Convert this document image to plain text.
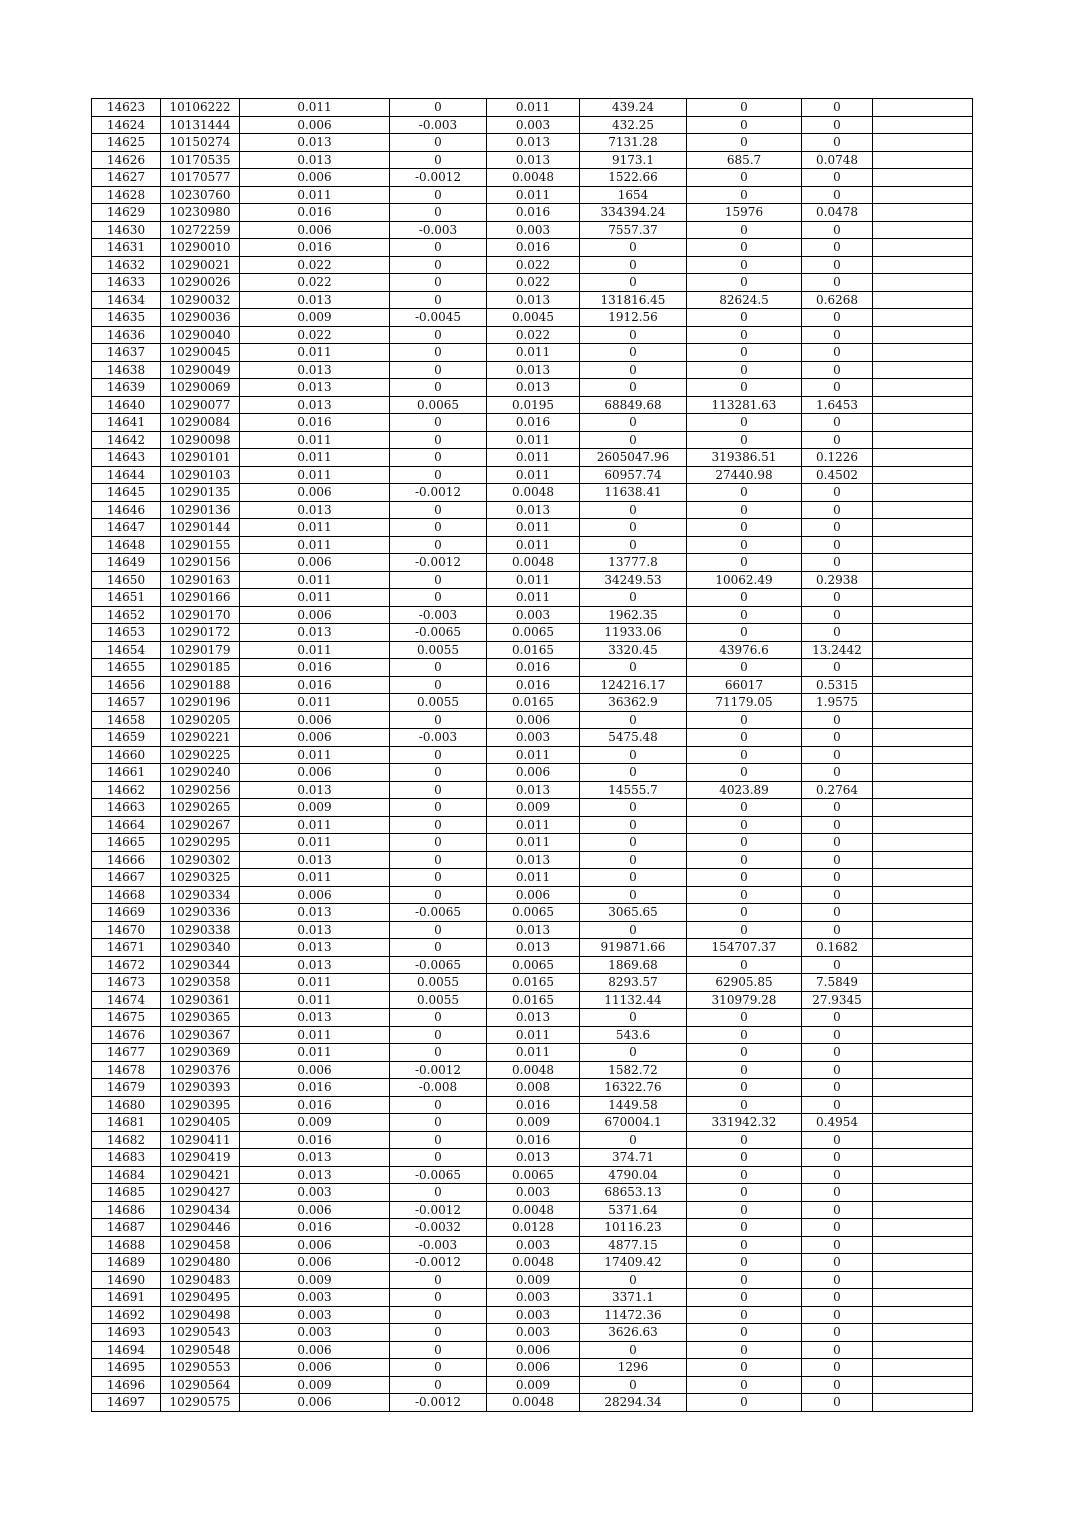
14623	10106222	0.011	0	0.011	439.24	0	0	
14624	10131444	0.006	-0.003	0.003	432.25	0	0	
14625	10150274	0.013	0	0.013	7131.28	0	0	
14626	10170535	0.013	0	0.013	9173.1	685.7	0.0748	
14627	10170577	0.006	-0.0012	0.0048	1522.66	0	0	
14628	10230760	0.011	0	0.011	1654	0	0	
14629	10230980	0.016	0	0.016	334394.24	15976	0.0478	
14630	10272259	0.006	-0.003	0.003	7557.37	0	0	
14631	10290010	0.016	0	0.016	0	0	0	
14632	10290021	0.022	0	0.022	0	0	0	
14633	10290026	0.022	0	0.022	0	0	0	
14634	10290032	0.013	0	0.013	131816.45	82624.5	0.6268	
14635	10290036	0.009	-0.0045	0.0045	1912.56	0	0	
14636	10290040	0.022	0	0.022	0	0	0	
14637	10290045	0.011	0	0.011	0	0	0	
14638	10290049	0.013	0	0.013	0	0	0	
14639	10290069	0.013	0	0.013	0	0	0	
14640	10290077	0.013	0.0065	0.0195	68849.68	113281.63	1.6453	
14641	10290084	0.016	0	0.016	0	0	0	
14642	10290098	0.011	0	0.011	0	0	0	
14643	10290101	0.011	0	0.011	2605047.96	319386.51	0.1226	
14644	10290103	0.011	0	0.011	60957.74	27440.98	0.4502	
14645	10290135	0.006	-0.0012	0.0048	11638.41	0	0	
14646	10290136	0.013	0	0.013	0	0	0	
14647	10290144	0.011	0	0.011	0	0	0	
14648	10290155	0.011	0	0.011	0	0	0	
14649	10290156	0.006	-0.0012	0.0048	13777.8	0	0	
14650	10290163	0.011	0	0.011	34249.53	10062.49	0.2938	
14651	10290166	0.011	0	0.011	0	0	0	
14652	10290170	0.006	-0.003	0.003	1962.35	0	0	
14653	10290172	0.013	-0.0065	0.0065	11933.06	0	0	
14654	10290179	0.011	0.0055	0.0165	3320.45	43976.6	13.2442	
14655	10290185	0.016	0	0.016	0	0	0	
14656	10290188	0.016	0	0.016	124216.17	66017	0.5315	
14657	10290196	0.011	0.0055	0.0165	36362.9	71179.05	1.9575	
14658	10290205	0.006	0	0.006	0	0	0	
14659	10290221	0.006	-0.003	0.003	5475.48	0	0	
14660	10290225	0.011	0	0.011	0	0	0	
14661	10290240	0.006	0	0.006	0	0	0	
14662	10290256	0.013	0	0.013	14555.7	4023.89	0.2764	
14663	10290265	0.009	0	0.009	0	0	0	
14664	10290267	0.011	0	0.011	0	0	0	
14665	10290295	0.011	0	0.011	0	0	0	
14666	10290302	0.013	0	0.013	0	0	0	
14667	10290325	0.011	0	0.011	0	0	0	
14668	10290334	0.006	0	0.006	0	0	0	
14669	10290336	0.013	-0.0065	0.0065	3065.65	0	0	
14670	10290338	0.013	0	0.013	0	0	0	
14671	10290340	0.013	0	0.013	919871.66	154707.37	0.1682	
14672	10290344	0.013	-0.0065	0.0065	1869.68	0	0	
14673	10290358	0.011	0.0055	0.0165	8293.57	62905.85	7.5849	
14674	10290361	0.011	0.0055	0.0165	11132.44	310979.28	27.9345	
14675	10290365	0.013	0	0.013	0	0	0	
14676	10290367	0.011	0	0.011	543.6	0	0	
14677	10290369	0.011	0	0.011	0	0	0	
14678	10290376	0.006	-0.0012	0.0048	1582.72	0	0	
14679	10290393	0.016	-0.008	0.008	16322.76	0	0	
14680	10290395	0.016	0	0.016	1449.58	0	0	
14681	10290405	0.009	0	0.009	670004.1	331942.32	0.4954	
14682	10290411	0.016	0	0.016	0	0	0	
14683	10290419	0.013	0	0.013	374.71	0	0	
14684	10290421	0.013	-0.0065	0.0065	4790.04	0	0	
14685	10290427	0.003	0	0.003	68653.13	0	0	
14686	10290434	0.006	-0.0012	0.0048	5371.64	0	0	
14687	10290446	0.016	-0.0032	0.0128	10116.23	0	0	
14688	10290458	0.006	-0.003	0.003	4877.15	0	0	
14689	10290480	0.006	-0.0012	0.0048	17409.42	0	0	
14690	10290483	0.009	0	0.009	0	0	0	
14691	10290495	0.003	0	0.003	3371.1	0	0	
14692	10290498	0.003	0	0.003	11472.36	0	0	
14693	10290543	0.003	0	0.003	3626.63	0	0	
14694	10290548	0.006	0	0.006	0	0	0	
14695	10290553	0.006	0	0.006	1296	0	0	
14696	10290564	0.009	0	0.009	0	0	0	
14697	10290575	0.006	-0.0012	0.0048	28294.34	0	0	
